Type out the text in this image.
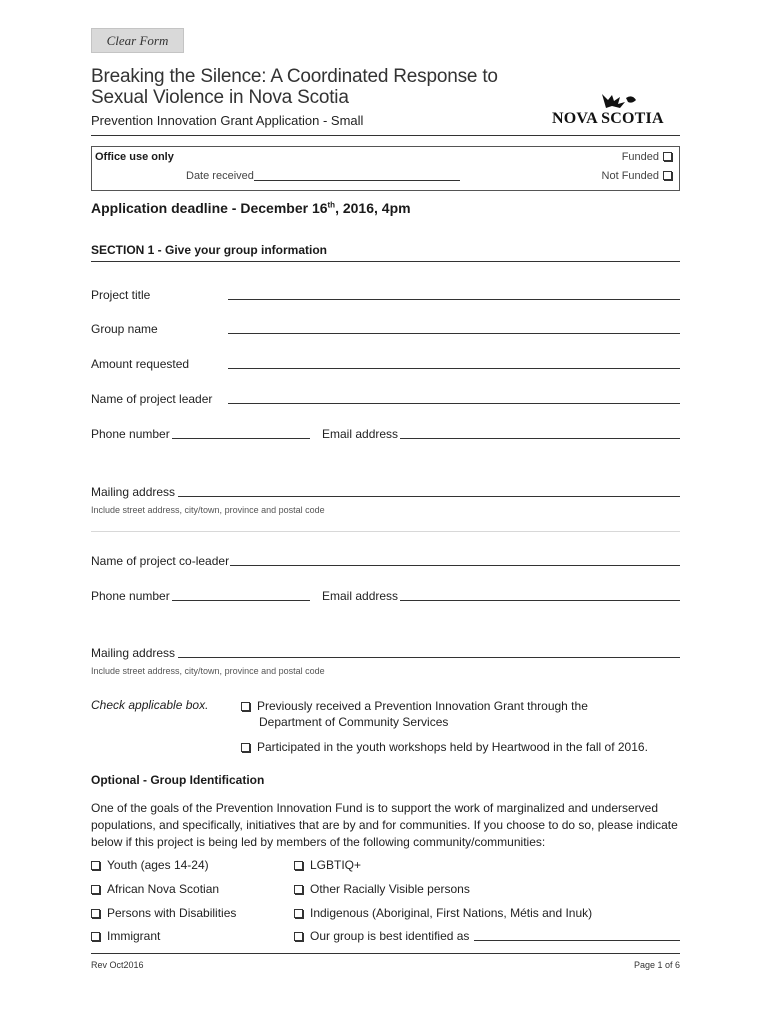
Clear Form
Breaking the Silence: A Coordinated Response to
Sexual Violence in Nova Scotia
Prevention Innovation Grant Application - Small	NOVA SCOTIA
Office use only
Date received
Funded
Not Funded
Application deadline - December 16th, 2016, 4pm
SECTION 1 - Give your group information
Project title
Group name
Amount requested
Name of project leader
Phone number	Email address
Mailing address
Include street address, city/town, province and postal code
Name of project co-leader
Phone number	Email address
Mailing address
Include street address, city/town, province and postal code
Check applicable box.	Previously received a Prevention Innovation Grant through the
Department of Community Services
Participated in the youth workshops held by Heartwood in the fall of 2016.
Optional - Group Identification
One of the goals of the Prevention Innovation Fund is to support the work of marginalized and underserved populations, and specifically, initiatives that are by and for communities. If you choose to do so, please indicate below if this project is being led by members of the following community/communities:
Youth (ages 14-24)
African Nova Scotian
Persons with Disabilities
Immigrant
LGBTIQ+
Other Racially Visible persons
Indigenous (Aboriginal, First Nations, Métis and Inuk)
Our group is best identified as
Rev Oct2016	Page 1 of 6
